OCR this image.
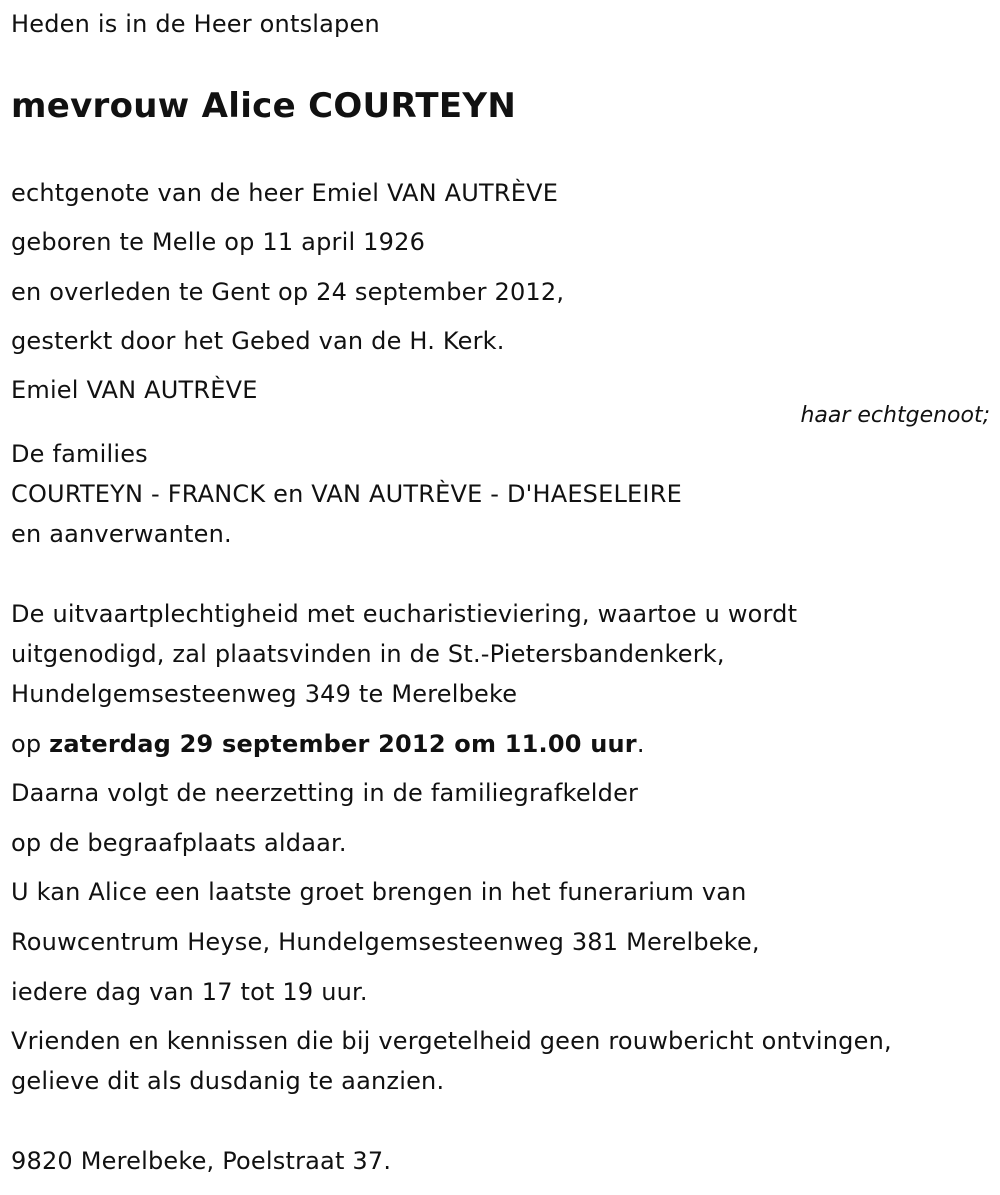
Heden is in de Heer ontslapen

mevrouw Alice COURTEYN

echtgenote van de heer Emiel VAN AUTRÈVE

geboren te Melle op 11 april 1926

en overleden te Gent op 24 september 2012,

gesterkt door het Gebed van de H. Kerk.

Emiel VAN AUTRÈVE

haar echtgenoot;

De families

COURTEYN - FRANCK en VAN AUTRÈVE - D'HAESELEIRE

en aanverwanten.

De uitvaartplechtigheid met eucharistieviering, waartoe u wordt

uitgenodigd, zal plaatsvinden in de St.-Pietersbandenkerk,

Hundelgemsesteenweg 349 te Merelbeke

op zaterdag 29 september 2012 om 11.00 uur.

Daarna volgt de neerzetting in de familiegrafkelder

op de begraafplaats aldaar.

U kan Alice een laatste groet brengen in het funerarium van

Rouwcentrum Heyse, Hundelgemsesteenweg 381 Merelbeke,

iedere dag van 17 tot 19 uur.

Vrienden en kennissen die bij vergetelheid geen rouwbericht ontvingen,

gelieve dit als dusdanig te aanzien.

9820 Merelbeke, Poelstraat 37.
